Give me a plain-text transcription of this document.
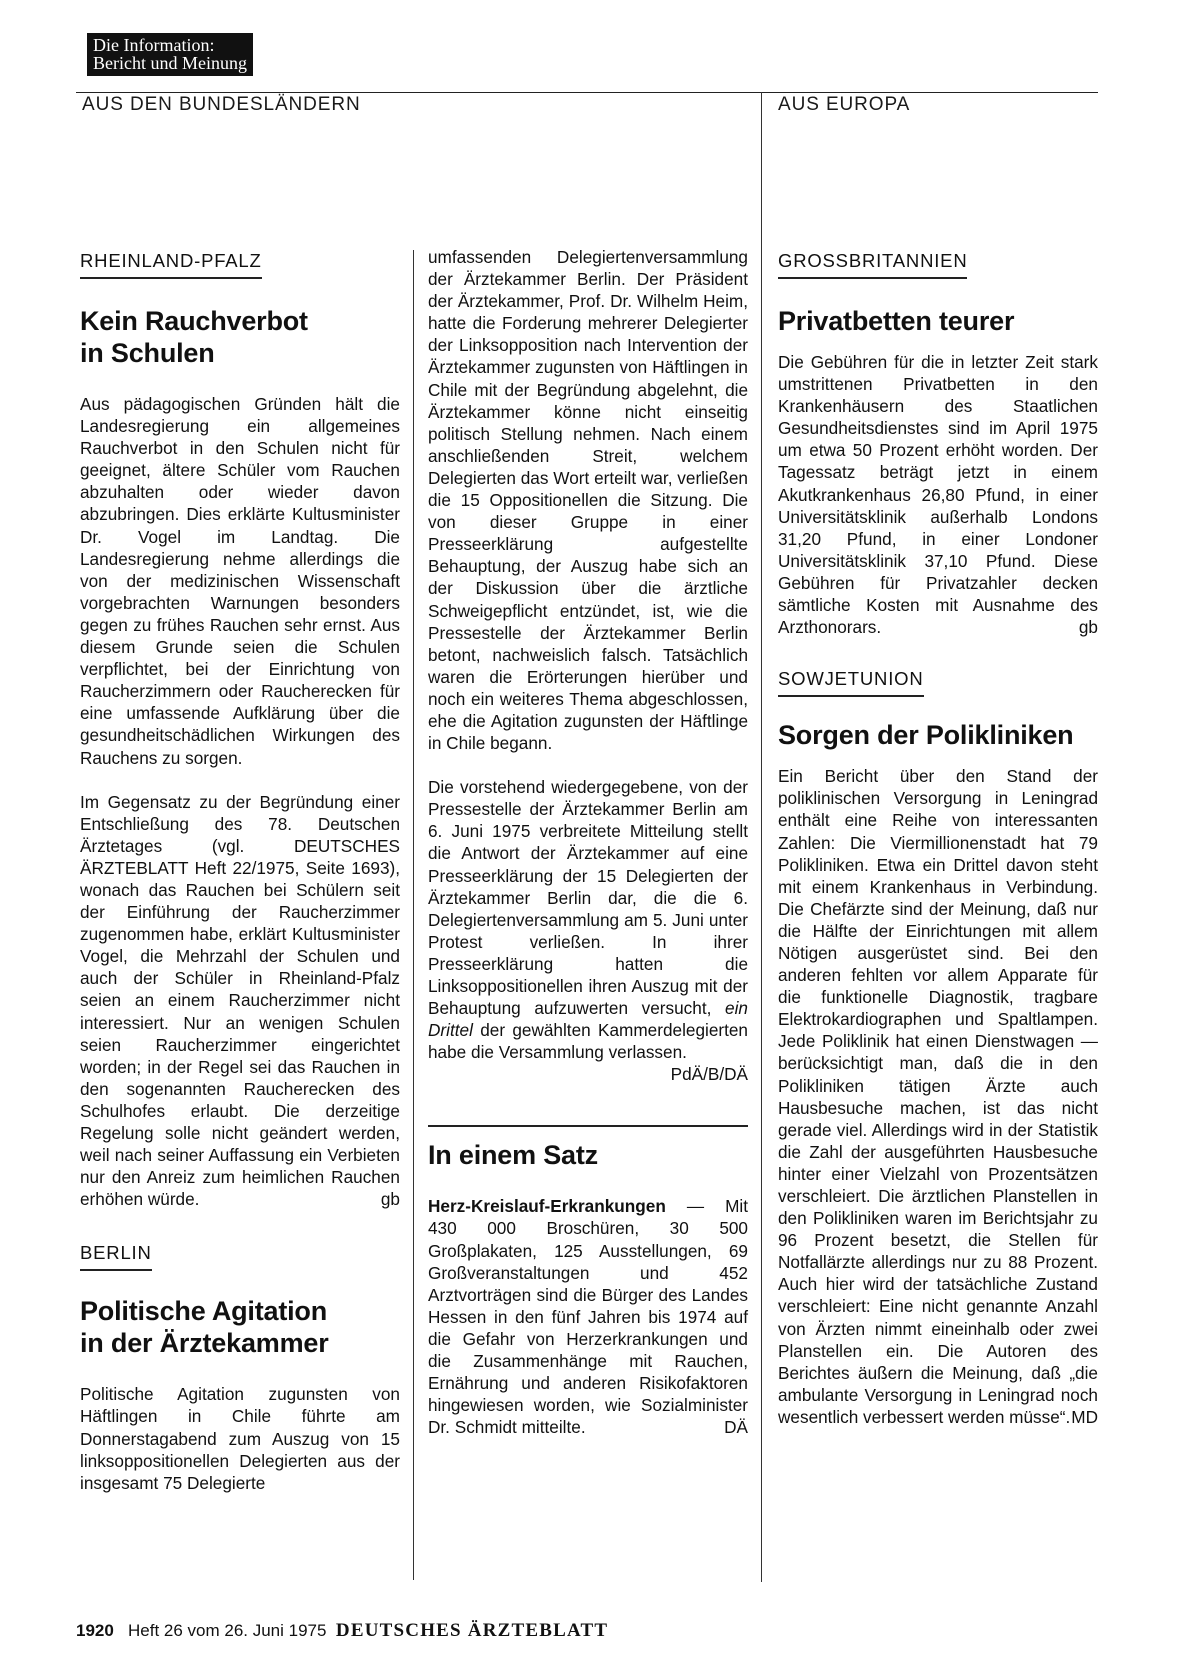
Die Information:
Bericht und Meinung
AUS DEN BUNDESLÄNDERN	AUS EUROPA
RHEINLAND-PFALZ
Kein Rauchverbot
in Schulen

Aus pädagogischen Gründen hält die Landesregierung ein allgemeines Rauchverbot in den Schulen nicht für geeignet, ältere Schüler vom Rauchen abzuhalten oder wieder davon abzubringen. Dies erklärte Kultusminister Dr. Vogel im Landtag. Die Landesregierung nehme allerdings die von der medizinischen Wissenschaft vorgebrachten Warnungen besonders gegen zu frühes Rauchen sehr ernst. Aus diesem Grunde seien die Schulen verpflichtet, bei der Einrichtung von Raucherzimmern oder Raucherecken für eine umfassende Aufklärung über die gesundheitschädlichen Wirkungen des Rauchens zu sorgen.

Im Gegensatz zu der Begründung einer Entschließung des 78. Deutschen Ärztetages (vgl. DEUTSCHES ÄRZTEBLATT Heft 22/1975, Seite 1693), wonach das Rauchen bei Schülern seit der Einführung der Raucherzimmer zugenommen habe, erklärt Kultusminister Vogel, die Mehrzahl der Schulen und auch der Schüler in Rheinland-Pfalz seien an einem Raucherzimmer nicht interessiert. Nur an wenigen Schulen seien Raucherzimmer eingerichtet worden; in der Regel sei das Rauchen in den sogenannten Raucherecken des Schulhofes erlaubt. Die derzeitige Regelung solle nicht geändert werden, weil nach seiner Auffassung ein Verbieten nur den Anreiz zum heimlichen Rauchen erhöhen würde.	gb

BERLIN
Politische Agitation
in der Ärztekammer

Politische Agitation zugunsten von Häftlingen in Chile führte am Donnerstagabend zum Auszug von 15 linksoppositionellen Delegierten aus der insgesamt 75 Delegierte

umfassenden Delegiertenversammlung der Ärztekammer Berlin. Der Präsident der Ärztekammer, Prof. Dr. Wilhelm Heim, hatte die Forderung mehrerer Delegierter der Linksopposition nach Intervention der Ärztekammer zugunsten von Häftlingen in Chile mit der Begründung abgelehnt, die Ärztekammer könne nicht einseitig politisch Stellung nehmen. Nach einem anschließenden Streit, welchem Delegierten das Wort erteilt war, verließen die 15 Oppositionellen die Sitzung. Die von dieser Gruppe in einer Presseerklärung aufgestellte Behauptung, der Auszug habe sich an der Diskussion über die ärztliche Schweigepflicht entzündet, ist, wie die Pressestelle der Ärztekammer Berlin betont, nachweislich falsch. Tatsächlich waren die Erörterungen hierüber und noch ein weiteres Thema abgeschlossen, ehe die Agitation zugunsten der Häftlinge in Chile begann.

Die vorstehend wiedergegebene, von der Pressestelle der Ärztekammer Berlin am 6. Juni 1975 verbreitete Mitteilung stellt die Antwort der Ärztekammer auf eine Presseerklärung der 15 Delegierten der Ärztekammer Berlin dar, die die 6. Delegiertenversammlung am 5. Juni unter Protest verließen. In ihrer Presseerklärung hatten die Linksoppositionellen ihren Auszug mit der Behauptung aufzuwerten versucht, ein Drittel der gewählten Kammerdelegierten habe die Versammlung verlassen.
PdÄ/B/DÄ

In einem Satz

Herz-Kreislauf-Erkrankungen — Mit 430 000 Broschüren, 30 500 Großplakaten, 125 Ausstellungen, 69 Großveranstaltungen und 452 Arztvorträgen sind die Bürger des Landes Hessen in den fünf Jahren bis 1974 auf die Gefahr von Herzerkrankungen und die Zusammenhänge mit Rauchen, Ernährung und anderen Risikofaktoren hingewiesen worden, wie Sozialminister Dr. Schmidt mitteilte.	DÄ

GROSSBRITANNIEN
Privatbetten teurer

Die Gebühren für die in letzter Zeit stark umstrittenen Privatbetten in den Krankenhäusern des Staatlichen Gesundheitsdienstes sind im April 1975 um etwa 50 Prozent erhöht worden. Der Tagessatz beträgt jetzt in einem Akutkrankenhaus 26,80 Pfund, in einer Universitätsklinik außerhalb Londons 31,20 Pfund, in einer Londoner Universitätsklinik 37,10 Pfund. Diese Gebühren für Privatzahler decken sämtliche Kosten mit Ausnahme des Arzthonorars.	gb

SOWJETUNION
Sorgen der Polikliniken

Ein Bericht über den Stand der poliklinischen Versorgung in Leningrad enthält eine Reihe von interessanten Zahlen: Die Viermillionenstadt hat 79 Polikliniken. Etwa ein Drittel davon steht mit einem Krankenhaus in Verbindung. Die Chefärzte sind der Meinung, daß nur die Hälfte der Einrichtungen mit allem Nötigen ausgerüstet sind. Bei den anderen fehlten vor allem Apparate für die funktionelle Diagnostik, tragbare Elektrokardiographen und Spaltlampen. Jede Poliklinik hat einen Dienstwagen — berücksichtigt man, daß die in den Polikliniken tätigen Ärzte auch Hausbesuche machen, ist das nicht gerade viel. Allerdings wird in der Statistik die Zahl der ausgeführten Hausbesuche hinter einer Vielzahl von Prozentsätzen verschleiert. Die ärztlichen Planstellen in den Polikliniken waren im Berichtsjahr zu 96 Prozent besetzt, die Stellen für Notfallärzte allerdings nur zu 88 Prozent. Auch hier wird der tatsächliche Zustand verschleiert: Eine nicht genannte Anzahl von Ärzten nimmt eineinhalb oder zwei Planstellen ein. Die Autoren des Berichtes äußern die Meinung, daß „die ambulante Versorgung in Leningrad noch wesentlich verbessert werden müsse“. MD

1920 Heft 26 vom 26. Juni 1975 DEUTSCHES ÄRZTEBLATT
